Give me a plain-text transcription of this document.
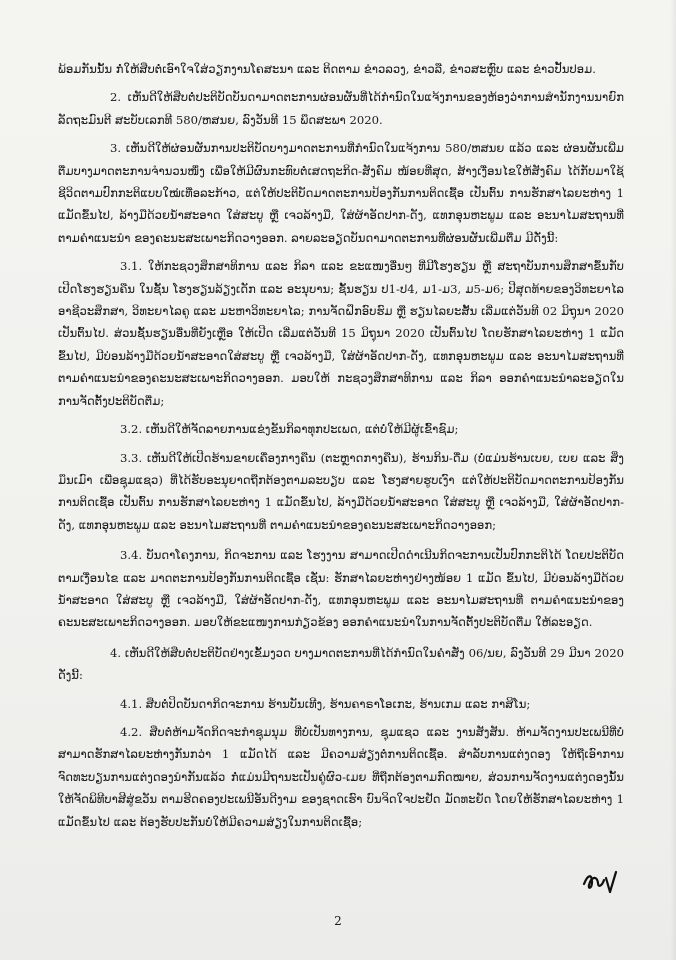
ພ້ອມກັນນັ້ນ ກໍ່ໃຫ້ສືບຕໍ່ເອົາໃຈໃສ່ວຽກງານໂຄສະນາ ແລະ ຕິດຕາມ ຂ່າວລວງ, ຂ່າວລື, ຂ່າວສະຫຼົບ ແລະ ຂ່າວປັ້ນປອມ.

2. ເຫັນດີໃຫ້ສືບຕໍ່ປະຕິບັດບັນດາມາດຕະການຜ່ອນຜັນທີ່ໄດ້ກຳນົດໃນແຈ້ງການຂອງຫ້ອງວ່າການສຳນັກງານນາຍົກລັດຖະມົນຕີ ສະບັບເລກທີ 580/ຫສນຍ, ລົງວັນທີ 15 ພຶດສະພາ 2020.

3. ເຫັນດີໃຫ້ຜ່ອນຜັນການປະຕິບັດບາງມາດຕະການທີ່ກຳນົດໃນແຈ້ງການ 580/ຫສນຍ ແລ້ວ ແລະ ຜ່ອນຜັນເພີ່ມຕື່ມບາງມາດຕະການຈຳນວນໜຶ່ງ ເພື່ອໃຫ້ມີຜົນກະທົບຕໍ່ເສດຖະກິດ-ສັງຄົມ ໜ້ອຍທີ່ສຸດ, ສ້າງເງື່ອນໄຂໃຫ້ສັງຄົມ ໄດ້ກັບມາໃຊ້ຊີວິດຕາມປົກກະຕິແບບໃໝ່ເທື່ອລະກ້າວ, ແຕ່ໃຫ້ປະຕິບັດມາດຕະການປ້ອງກັນການຕິດເຊື້ອ ເປັນຕົ້ນ ການຮັກສາໄລຍະຫ່າງ 1 ແມັດຂຶ້ນໄປ, ລ້າງມືດ້ວຍນ້ຳສະອາດ ໃສ່ສະບູ ຫຼື ເຈວລ້າງມື, ໃສ່ຜ້າອັດປາກ-ດັງ, ແທກອຸນຫະພູມ ແລະ ອະນາໄມສະຖານທີ່ ຕາມຄຳແນະນຳ ຂອງຄະນະສະເພາະກິດວາງອອກ. ລາຍລະອຽດບັນດາມາດຕະການທີ່ຜ່ອນຜັນເພີ່ມຕື່ມ ມີດັ່ງນີ້:

3.1. ໃຫ້ກະຊວງສຶກສາທິການ ແລະ ກິລາ ແລະ ຂະແໜງອື່ນໆ ທີ່ມີໂຮງຮຽນ ຫຼື ສະຖາບັນການສຶກສາຂຶ້ນກັບ ເປີດໂຮງຮຽນຄືນ ໃນຊັ້ນ ໂຮງຮຽນລ້ຽງເດັກ ແລະ ອະນຸບານ; ຊັ້ນຮຽນ ປ1-ປ4, ມ1-ມ3, ມ5-ມ6; ປີສຸດທ້າຍຂອງວິທະຍາໄລອາຊີວະສຶກສາ, ວິທະຍາໄລຄູ ແລະ ມະຫາວິທະຍາໄລ; ການຈັດຝຶກອົບຮົມ ຫຼື ຮຽນໄລຍະສັ້ນ ເລີ່ມແຕ່ວັນທີ 02 ມິຖຸນາ 2020 ເປັນຕົ້ນໄປ. ສ່ວນຊັ້ນຮຽນອື່ນທີ່ຍັງເຫຼືອ ໃຫ້ເປີດ ເລີ່ມແຕ່ວັນທີ 15 ມິຖຸນາ 2020 ເປັນຕົ້ນໄປ ໂດຍຮັກສາໄລຍະຫ່າງ 1 ແມັດຂຶ້ນໄປ, ມີບ່ອນລ້າງມືດ້ວຍນ້ຳສະອາດໃສ່ສະບູ ຫຼື ເຈວລ້າງມື, ໃສ່ຜ້າອັດປາກ-ດັງ, ແທກອຸນຫະພູມ ແລະ ອະນາໄມສະຖານທີ່ ຕາມຄຳແນະນຳຂອງຄະນະສະເພາະກິດວາງອອກ. ມອບໃຫ້ ກະຊວງສຶກສາທິການ ແລະ ກິລາ ອອກຄຳແນະນຳລະອຽດໃນການຈັດຕັ້ງປະຕິບັດຕື່ມ;

3.2. ເຫັນດີໃຫ້ຈັດລາຍການແຂ່ງຂັນກິລາທຸກປະເພດ, ແຕ່ບໍ່ໃຫ້ມີຜູ້ເຂົ້າຊົມ;

3.3. ເຫັນດີໃຫ້ເປີດຮ້ານຂາຍເຄື່ອງກາງຄືນ (ຕະຫຼາດກາງຄືນ), ຮ້ານກິນ-ດື່ມ (ບໍ່ແມ່ນຮ້ານເບຍ, ເບຍ ແລະ ສິ່ງມຶນເມົາ ເພື່ອຊຸມແຊວ) ທີ່ໄດ້ຮັບອະນຸຍາດຖືກຕ້ອງຕາມລະບຽບ ແລະ ໂຮງສາຍຮູບເງົາ ແຕ່ໃຫ້ປະຕິບັດມາດຕະການປ້ອງກັນການຕິດເຊື້ອ ເປັນຕົ້ນ ການຮັກສາໄລຍະຫ່າງ 1 ແມັດຂຶ້ນໄປ, ລ້າງມືດ້ວຍນ້ຳສະອາດ ໃສ່ສະບູ ຫຼື ເຈວລ້າງມື, ໃສ່ຜ້າອັດປາກ-ດັງ, ແທກອຸນຫະພູມ ແລະ ອະນາໄມສະຖານທີ່ ຕາມຄຳແນະນຳຂອງຄະນະສະເພາະກິດວາງອອກ;

3.4. ບັນດາໂຄງການ, ກິດຈະການ ແລະ ໂຮງງານ ສາມາດເປີດດຳເນີນກິດຈະການເປັນປົກກະຕິໄດ້ ໂດຍປະຕິບັດຕາມເງື່ອນໄຂ ແລະ ມາດຕະການປ້ອງກັນການຕິດເຊື້ອ ເຊັ່ນ: ຮັກສາໄລຍະຫ່າງຢ່າງໜ້ອຍ 1 ແມັດ ຂຶ້ນໄປ, ມີບ່ອນລ້າງມືດ້ວຍນ້ຳສະອາດ ໃສ່ສະບູ ຫຼື ເຈວລ້າງມື, ໃສ່ຜ້າອັດປາກ-ດັງ, ແທກອຸນຫະພູມ ແລະ ອະນາໄມສະຖານທີ່ ຕາມຄຳແນະນຳຂອງຄະນະສະເພາະກິດວາງອອກ. ມອບໃຫ້ຂະແໜງການກ່ຽວຂ້ອງ ອອກຄຳແນະນຳໃນການຈັດຕັ້ງປະຕິບັດຕື່ມ ໃຫ້ລະອຽດ.

4. ເຫັນດີໃຫ້ສືບຕໍ່ປະຕິບັດຢ່າງເຂັ້ມງວດ ບາງມາດຕະການທີ່ໄດ້ກຳນົດໃນຄຳສັ່ງ 06/ນຍ, ລົງວັນທີ 29 ມີນາ 2020 ດັ່ງນີ້:

4.1. ສືບຕໍ່ປິດບັນດາກິດຈະການ ຮ້ານບັນເທີງ, ຮ້ານຄາຣາໂອເກະ, ຮ້ານເກມ ແລະ ກາສິໂນ;

4.2. ສືບຕໍ່ຫ້າມຈັດກິດຈະກຳຊຸມນຸມ ທີ່ບໍ່ເປັນທາງການ, ຊຸມແຊວ ແລະ ງານສັງສັນ. ຫ້າມຈັດງານປະເພນີທີ່ບໍ່ສາມາດຮັກສາໄລຍະຫ່າງກັນກວ່າ 1 ແມັດໄດ້ ແລະ ມີຄວາມສ່ຽງຕໍ່ການຕິດເຊື້ອ. ສຳລັບການແຕ່ງດອງ ໃຫ້ຖືເອົາການຈົດທະບຽນການແຕ່ງດອງນຳກັນແລ້ວ ກໍ່ແມ່ນມີຖານະເປັນຄູ່ຜົວ-ເມຍ ທີ່ຖືກຕ້ອງຕາມກົດໝາຍ, ສ່ວນການຈັດງານແຕ່ງດອງນັ້ນ ໃຫ້ຈັດພິທີບາສີສູ່ຂວັນ ຕາມຮີດຄອງປະເພນີອັນດີງາມ ຂອງຊາດເຮົາ ບົນຈິດໃຈປະຢັດ ມັດທະຍັດ ໂດຍໃຫ້ຮັກສາໄລຍະຫ່າງ 1 ແມັດຂຶ້ນໄປ ແລະ ຕ້ອງຮັບປະກັນບໍ່ໃຫ້ມີຄວາມສ່ຽງໃນການຕິດເຊື້ອ;

2
